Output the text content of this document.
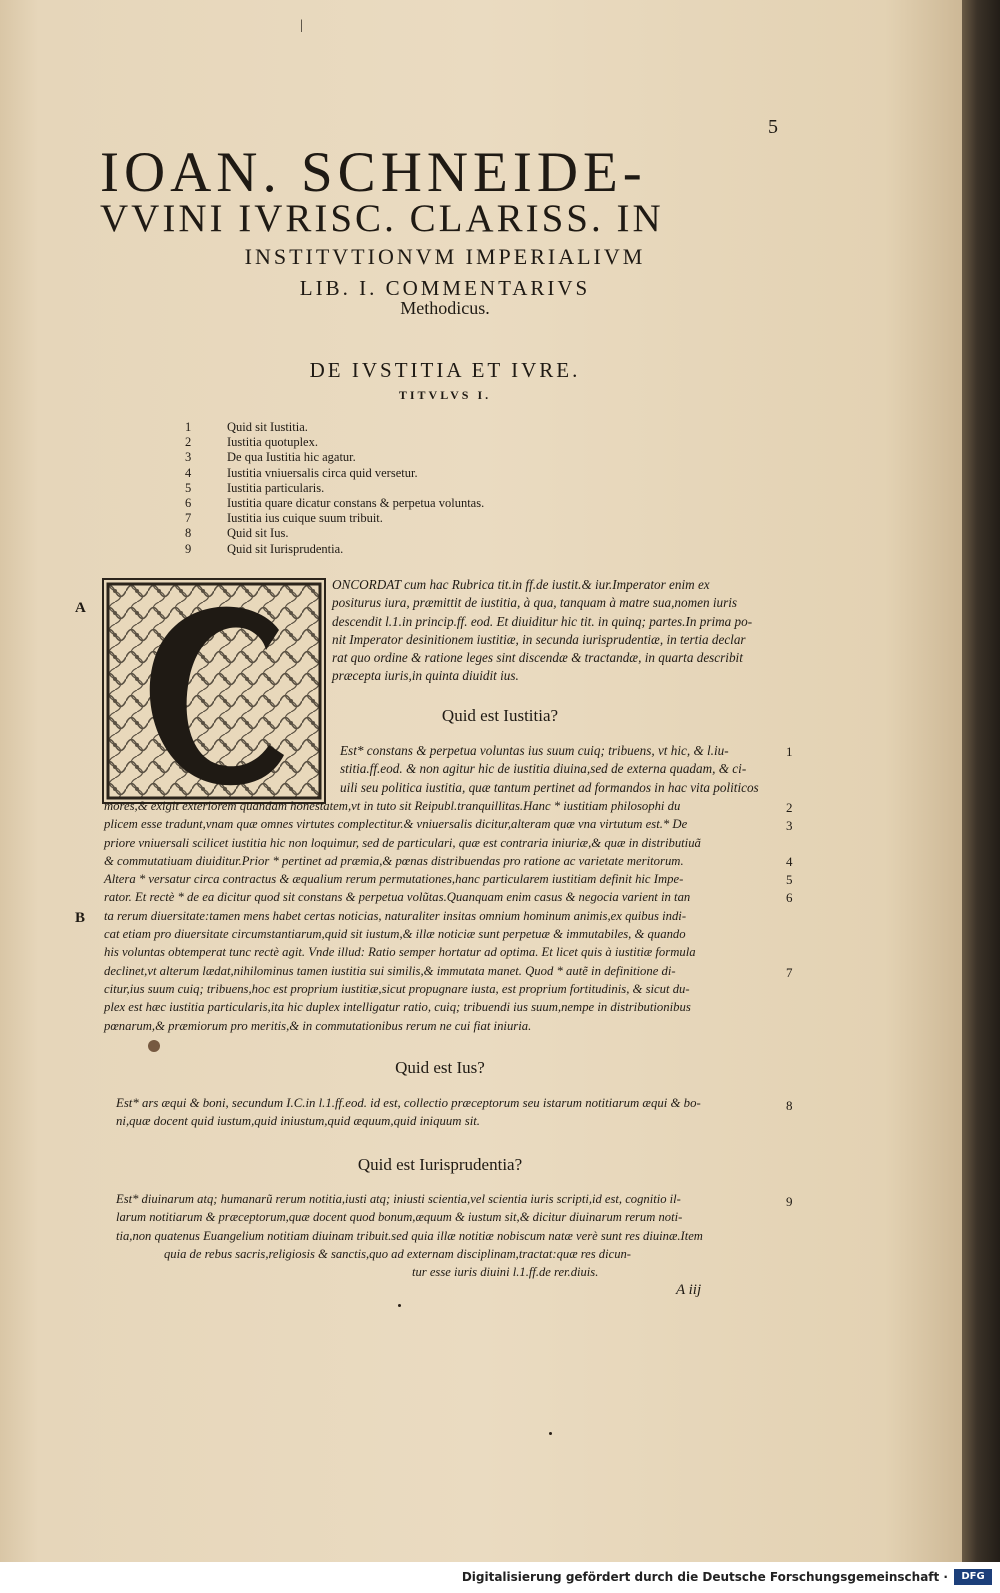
|
5
IOAN. SCHNEIDE-
VVINI IVRISC. CLARISS. IN
INSTITVTIONVM IMPERIALIVM
LIB. I. COMMENTARIVS
Methodicus.
DE IVSTITIA ET IVRE.
TITVLVS I.
1	Quid sit Iustitia.
2	Iustitia quotuplex.
3	De qua Iustitia hic agatur.
4	Iustitia vniuersalis circa quid versetur.
5	Iustitia particularis.
6	Iustitia quare dicatur constans & perpetua voluntas.
7	Iustitia ius cuique suum tribuit.
8	Quid sit Ius.
9	Quid sit Iurisprudentia.
A
B
ONCORDAT cum hac Rubrica tit.in ff.de iustit.& iur.Imperator enim ex
positurus iura, præmittit de iustitia, à qua, tanquam à matre sua,nomen iuris
descendit l.1.in princip.ff. eod. Et diuiditur hic tit. in quinq; partes.In prima po-
nit Imperator desinitionem iustitiæ, in secunda iurisprudentiæ, in tertia declar
rat quo ordine & ratione leges sint discendæ & tractandæ, in quarta describit
præcepta iuris,in quinta diuidit ius.
Quid est Iustitia?
Est* constans & perpetua voluntas ius suum cuiq; tribuens, vt hic, & l.iu-
stitia.ff.eod. & non agitur hic de iustitia diuina,sed de externa quadam, & ci-
uili seu politica iustitia, quæ tantum pertinet ad formandos in hac vita politicos
mores,& exigit exteriorem quandam honestatem,vt in tuto sit Reipubl.tranquillitas.Hanc * iustitiam philosophi du
plicem esse tradunt,vnam quæ omnes virtutes complectitur.& vniuersalis dicitur,alteram quæ vna virtutum est.* De
priore vniuersali scilicet iustitia hic non loquimur, sed de particulari, quæ est contraria iniuriæ,& quæ in distributiuã
& commutatiuam diuiditur.Prior * pertinet ad præmia,& pœnas distribuendas pro ratione ac varietate meritorum.
Altera * versatur circa contractus & æqualium rerum permutationes,hanc particularem iustitiam definit hic Impe-
rator. Et rectè * de ea dicitur quod sit constans & perpetua volũtas.Quanquam enim casus & negocia varient in tan
ta rerum diuersitate:tamen mens habet certas noticias, naturaliter insitas omnium hominum animis,ex quibus indi-
cat etiam pro diuersitate circumstantiarum,quid sit iustum,& illæ noticiæ sunt perpetuæ & immutabiles, & quando
his voluntas obtemperat tunc rectè agit. Vnde illud: Ratio semper hortatur ad optima. Et licet quis à iustitiæ formula
declinet,vt alterum lædat,nihilominus tamen iustitia sui similis,& immutata manet. Quod * autẽ in definitione di-
citur,ius suum cuiq; tribuens,hoc est proprium iustitiæ,sicut propugnare iusta, est proprium fortitudinis, & sicut du-
plex est hæc iustitia particularis,ita hic duplex intelligatur ratio, cuiq; tribuendi ius suum,nempe in distributionibus
pœnarum,& præmiorum pro meritis,& in commutationibus rerum ne cui fiat iniuria.
1
2
3
4
5
6
7
Quid est Ius?
Est* ars æqui & boni, secundum I.C.in l.1.ff.eod. id est, collectio præceptorum seu istarum notitiarum æqui & bo-
ni,quæ docent quid iustum,quid iniustum,quid æquum,quid iniquum sit.
8
Quid est Iurisprudentia?
Est* diuinarum atq; humanarũ rerum notitia,iusti atq; iniusti scientia,vel scientia iuris scripti,id est, cognitio il-
larum notitiarum & præceptorum,quæ docent quod bonum,æquum & iustum sit,& dicitur diuinarum rerum noti-
tia,non quatenus Euangelium notitiam diuinam tribuit.sed quia illæ notitiæ nobiscum natæ verè sunt res diuinæ.Item
quia de rebus sacris,religiosis & sanctis,quo ad externam disciplinam,tractat:quæ res dicun-
tur esse iuris diuini l.1.ff.de rer.diuis.
9
A iij
Digitalisierung gefördert durch die Deutsche Forschungsgemeinschaft ·	DFG
